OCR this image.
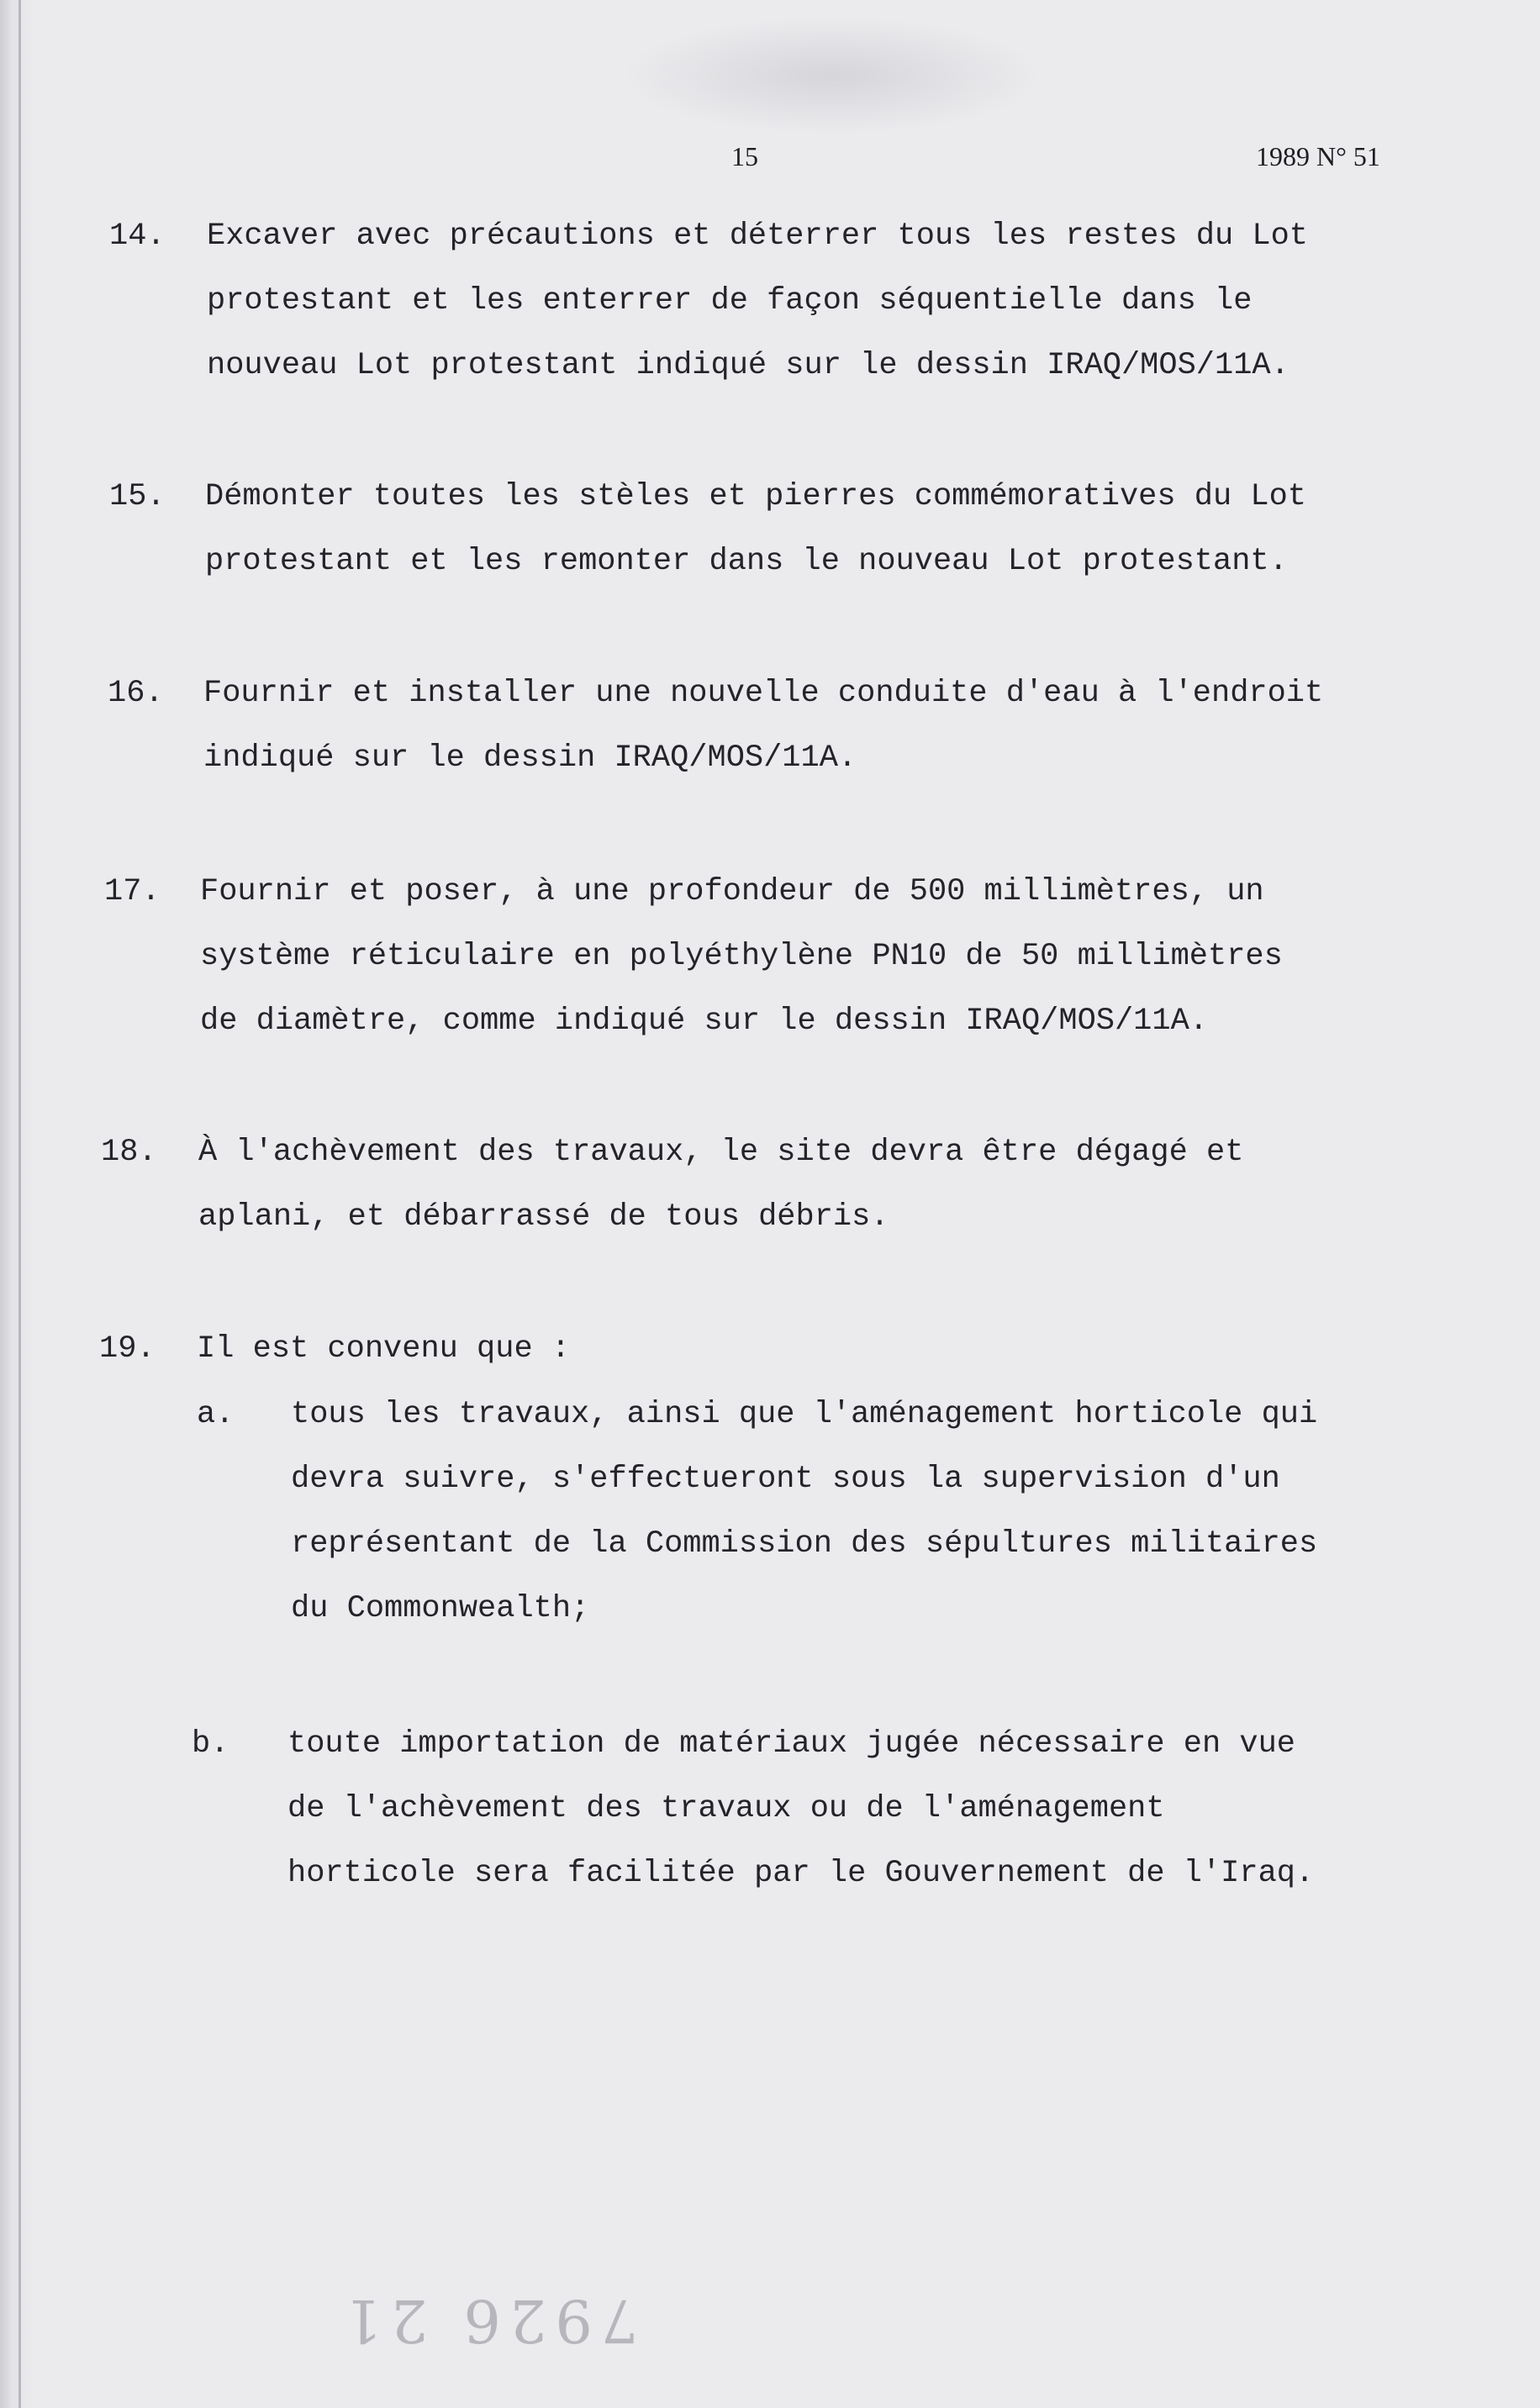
15	1989 N° 51
14. Excaver avec précautions et déterrer tous les restes du Lot
protestant et les enterrer de façon séquentielle dans le
nouveau Lot protestant indiqué sur le dessin IRAQ/MOS/11A.
15. Démonter toutes les stèles et pierres commémoratives du Lot
protestant et les remonter dans le nouveau Lot protestant.
16. Fournir et installer une nouvelle conduite d'eau à l'endroit
indiqué sur le dessin IRAQ/MOS/11A.
17. Fournir et poser, à une profondeur de 500 millimètres, un
système réticulaire en polyéthylène PN10 de 50 millimètres
de diamètre, comme indiqué sur le dessin IRAQ/MOS/11A.
18. À l'achèvement des travaux, le site devra être dégagé et
aplani, et débarrassé de tous débris.
19. Il est convenu que :
a. tous les travaux, ainsi que l'aménagement horticole qui
devra suivre, s'effectueront sous la supervision d'un
représentant de la Commission des sépultures militaires
du Commonwealth;
b. toute importation de matériaux jugée nécessaire en vue
de l'achèvement des travaux ou de l'aménagement
horticole sera facilitée par le Gouvernement de l'Iraq.
7926 21
